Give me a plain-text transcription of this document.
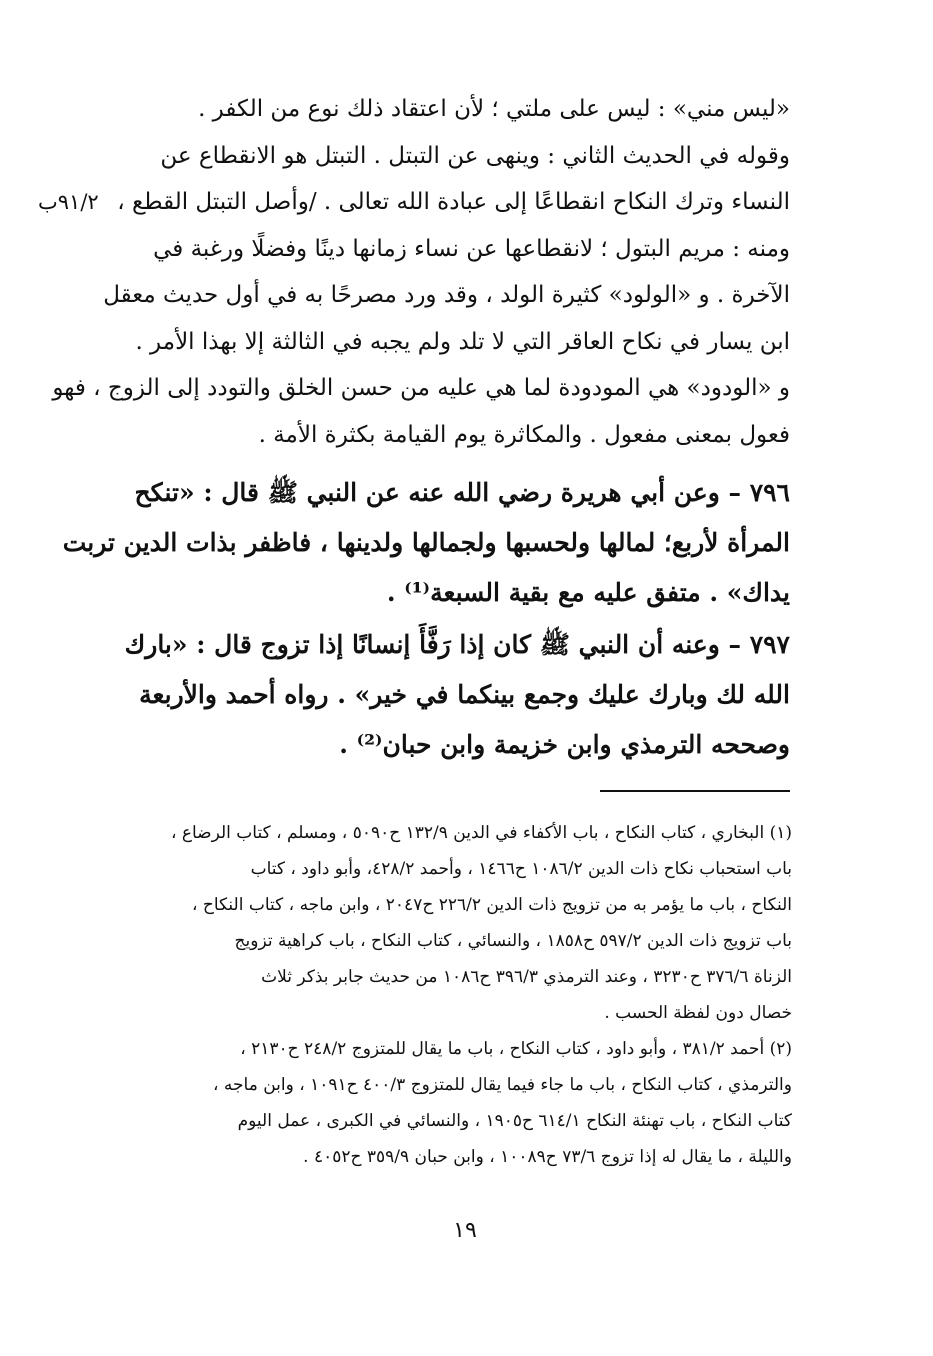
٩١/٢ب
«ليس مني» : ليس على ملتي ؛ لأن اعتقاد ذلك نوع من الكفر .
وقوله في الحديث الثاني : وينهى عن التبتل . التبتل هو الانقطاع عن
النساء وترك النكاح انقطاعًا إلى عبادة الله تعالى . /وأصل التبتل القطع ،
ومنه : مريم البتول ؛ لانقطاعها عن نساء زمانها دينًا وفضلًا ورغبة في
الآخرة . و «الولود» كثيرة الولد ، وقد ورد مصرحًا به في أول حديث معقل
ابن يسار في نكاح العاقر التي لا تلد ولم يجبه في الثالثة إلا بهذا الأمر .
و «الودود» هي المودودة لما هي عليه من حسن الخلق والتودد إلى الزوج ، فهو
فعول بمعنى مفعول . والمكاثرة يوم القيامة بكثرة الأمة .
٧٩٦ – وعن أبي هريرة رضي الله عنه عن النبي ﷺ قال : «تنكح
المرأة لأربع؛ لمالها ولحسبها ولجمالها ولدينها ، فاظفر بذات الدين تربت
يداك» . متفق عليه مع بقية السبعة⁽¹⁾ .
٧٩٧ – وعنه أن النبي ﷺ كان إذا رَفَّأَ إنسانًا إذا تزوج قال : «بارك
الله لك وبارك عليك وجمع بينكما في خير» . رواه أحمد والأربعة
وصححه الترمذي وابن خزيمة وابن حبان⁽²⁾ .
(١) البخاري ، كتاب النكاح ، باب الأكفاء في الدين ١٣٢/٩ ح٥٠٩٠ ، ومسلم ، كتاب الرضاع ،
باب استحباب نكاح ذات الدين ١٠٨٦/٢ ح١٤٦٦ ، وأحمد ٤٢٨/٢، وأبو داود ، كتاب
النكاح ، باب ما يؤمر به من تزويج ذات الدين ٢٢٦/٢ ح٢٠٤٧ ، وابن ماجه ، كتاب النكاح ،
باب تزويج ذات الدين ٥٩٧/٢ ح١٨٥٨ ، والنسائي ، كتاب النكاح ، باب كراهية تزويج
الزناة ٣٧٦/٦ ح٣٢٣٠ ، وعند الترمذي ٣٩٦/٣ ح١٠٨٦ من حديث جابر بذكر ثلاث
خصال دون لفظة الحسب .
(٢) أحمد ٣٨١/٢ ، وأبو داود ، كتاب النكاح ، باب ما يقال للمتزوج ٢٤٨/٢ ح٢١٣٠ ،
والترمذي ، كتاب النكاح ، باب ما جاء فيما يقال للمتزوج ٤٠٠/٣ ح١٠٩١ ، وابن ماجه ،
كتاب النكاح ، باب تهنئة النكاح ٦١٤/١ ح١٩٠٥ ، والنسائي في الكبرى ، عمل اليوم
والليلة ، ما يقال له إذا تزوج ٧٣/٦ ح١٠٠٨٩ ، وابن حبان ٣٥٩/٩ ح٤٠٥٢ .
١٩
